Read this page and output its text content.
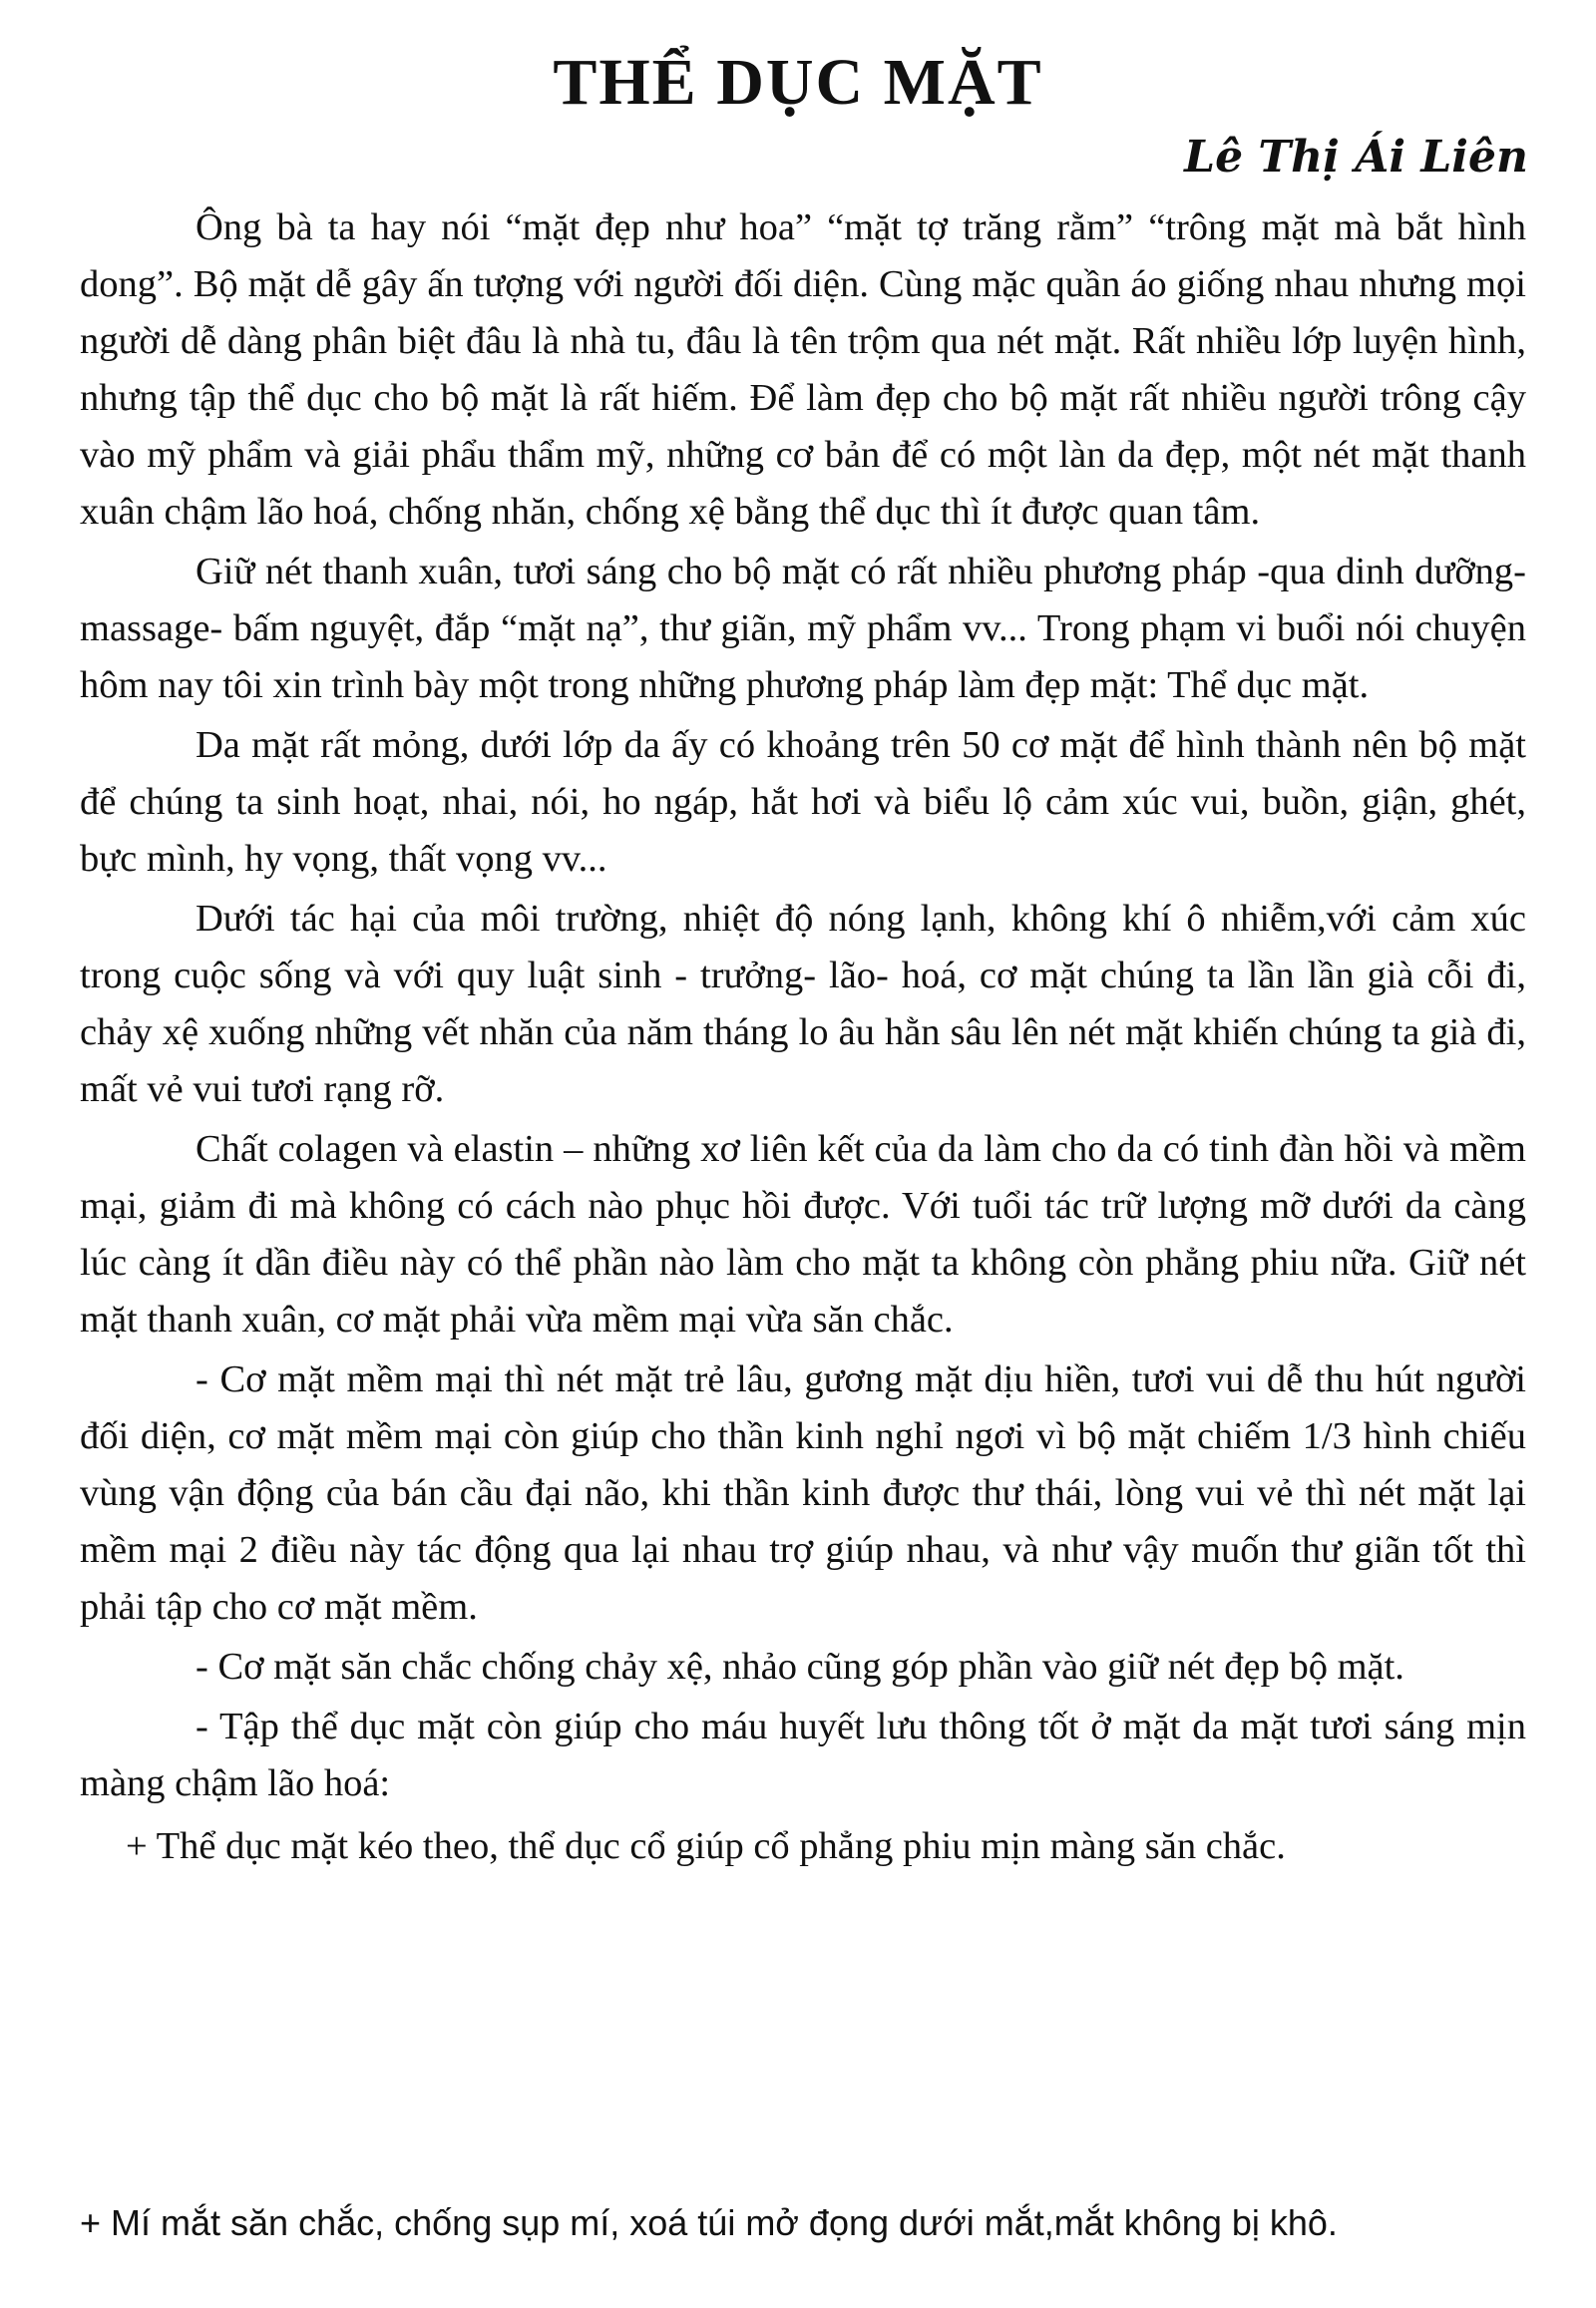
THỂ DỤC MẶT
Lê Thị Ái Liên

Ông bà ta hay nói “mặt đẹp như hoa” “mặt tợ trăng rằm” “trông mặt mà bắt hình dong”. Bộ mặt dễ gây ấn tượng với người đối diện. Cùng mặc quần áo giống nhau nhưng mọi người dễ dàng phân biệt đâu là nhà tu, đâu là tên trộm qua nét mặt. Rất nhiều lớp luyện hình, nhưng tập thể dục cho bộ mặt là rất hiếm. Để làm đẹp cho bộ mặt rất nhiều người trông cậy vào mỹ phẩm và giải phẩu thẩm mỹ, những cơ bản để có một làn da đẹp, một nét mặt thanh xuân chậm lão hoá, chống nhăn, chống xệ bằng thể dục thì ít được quan tâm.

Giữ nét thanh xuân, tươi sáng cho bộ mặt có rất nhiều phương pháp -qua dinh dưỡng- massage- bấm nguyệt, đắp “mặt nạ”, thư giãn, mỹ phẩm vv... Trong phạm vi buổi nói chuyện hôm nay tôi xin trình bày một trong những phương pháp làm đẹp mặt: Thể dục mặt.

Da mặt rất mỏng, dưới lớp da ấy có khoảng trên 50 cơ mặt để hình thành nên bộ mặt để chúng ta sinh hoạt, nhai, nói, ho ngáp, hắt hơi và biểu lộ cảm xúc vui, buồn, giận, ghét, bực mình, hy vọng, thất vọng vv...

Dưới tác hại của môi trường, nhiệt độ nóng lạnh, không khí ô nhiễm,với cảm xúc trong cuộc sống và với quy luật sinh - trưởng- lão- hoá, cơ mặt chúng ta lần lần già cỗi đi, chảy xệ xuống những vết nhăn của năm tháng lo âu hằn sâu lên nét mặt khiến chúng ta già đi, mất vẻ vui tươi rạng rỡ.

Chất colagen và elastin – những xơ liên kết của da làm cho da có tinh đàn hồi và mềm mại, giảm đi mà không có cách nào phục hồi được. Với tuổi tác trữ lượng mỡ dưới da càng lúc càng ít dần điều này có thể phần nào làm cho mặt ta không còn phẳng phiu nữa. Giữ nét mặt thanh xuân, cơ mặt phải vừa mềm mại vừa săn chắc.

- Cơ mặt mềm mại thì nét mặt trẻ lâu, gương mặt dịu hiền, tươi vui dễ thu hút người đối diện, cơ mặt mềm mại còn giúp cho thần kinh nghỉ ngơi vì bộ mặt chiếm 1/3 hình chiếu vùng vận động của bán cầu đại não, khi thần kinh được thư thái, lòng vui vẻ thì nét mặt lại mềm mại 2 điều này tác động qua lại nhau trợ giúp nhau, và như vậy muốn thư giãn tốt thì phải tập cho cơ mặt mềm.

- Cơ mặt săn chắc chống chảy xệ, nhảo cũng góp phần vào giữ nét đẹp bộ mặt.

- Tập thể dục mặt còn giúp cho máu huyết lưu thông tốt ở mặt da mặt tươi sáng mịn màng chậm lão hoá:

+ Thể dục mặt kéo theo, thể dục cổ giúp cổ phẳng phiu mịn màng săn chắc.

+ Mí mắt săn chắc, chống sụp mí, xoá túi mở đọng dưới mắt,mắt không bị khô.
